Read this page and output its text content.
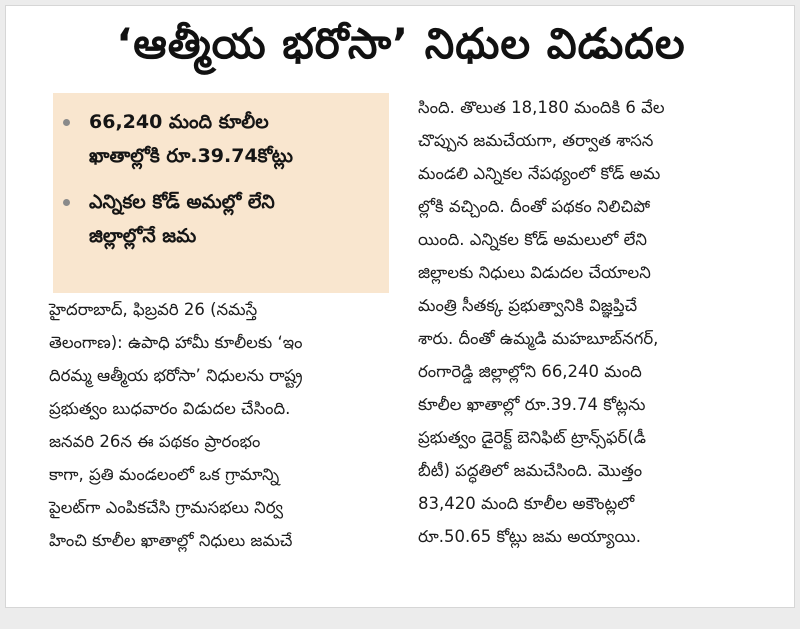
‘ఆత్మీయ భరోసా’ నిధుల విడుదల
66,240 మంది కూలీల
ఖాతాల్లోకి రూ.39.74కోట్లు
ఎన్నికల కోడ్ అమల్లో లేని
జిల్లాల్లోనే జమ
హైదరాబాద్, ఫిబ్రవరి 26 (నమస్తే
తెలంగాణ): ఉపాధి హామీ కూలీలకు ‘ఇం
దిరమ్మ ఆత్మీయ భరోసా’ నిధులను రాష్ట్ర
ప్రభుత్వం బుధవారం విడుదల చేసింది.
జనవరి 26న ఈ పథకం ప్రారంభం
కాగా, ప్రతి మండలంలో ఒక గ్రామాన్ని
పైలట్‌గా ఎంపికచేసి గ్రామసభలు నిర్వ
హించి కూలీల ఖాతాల్లో నిధులు జమచే
సింది. తొలుత 18,180 మందికి 6 వేల
చొప్పున జమచేయగా, తర్వాత శాసన
మండలి ఎన్నికల నేపథ్యంలో కోడ్ అమ
ల్లోకి వచ్చింది. దీంతో పథకం నిలిచిపో
యింది. ఎన్నికల కోడ్ అమలులో లేని
జిల్లాలకు నిధులు విడుదల చేయాలని
మంత్రి సీతక్క ప్రభుత్వానికి విజ్ఞప్తిచే
శారు. దీంతో ఉమ్మడి మహబూబ్‌నగర్,
రంగారెడ్డి జిల్లాల్లోని 66,240 మంది
కూలీల ఖాతాల్లో రూ.39.74 కోట్లను
ప్రభుత్వం డైరెక్ట్ బెనిఫిట్ ట్రాన్స్‌ఫర్(డీ
బీటీ) పద్ధతిలో జమచేసింది. మొత్తం
83,420 మంది కూలీల అకౌంట్లలో
రూ.50.65 కోట్లు జమ అయ్యాయి.
